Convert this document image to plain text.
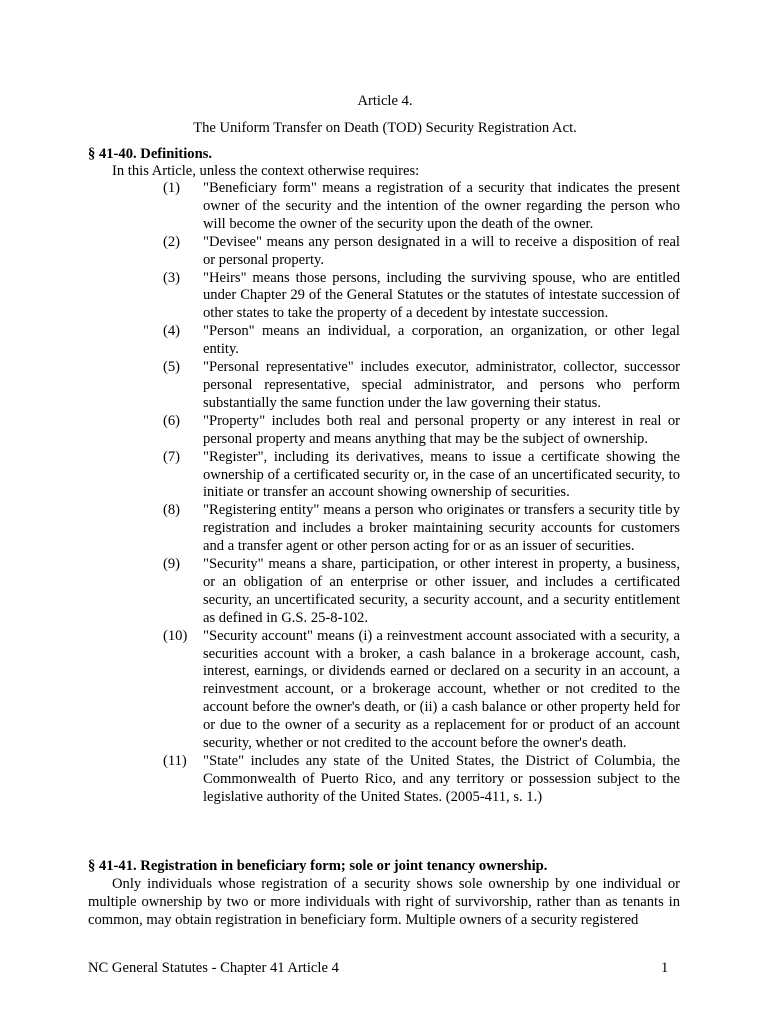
Article 4.
The Uniform Transfer on Death (TOD) Security Registration Act.
§ 41-40. Definitions.
In this Article, unless the context otherwise requires:
(1)	"Beneficiary form" means a registration of a security that indicates the present owner of the security and the intention of the owner regarding the person who will become the owner of the security upon the death of the owner.
(2)	"Devisee" means any person designated in a will to receive a disposition of real or personal property.
(3)	"Heirs" means those persons, including the surviving spouse, who are entitled under Chapter 29 of the General Statutes or the statutes of intestate succession of other states to take the property of a decedent by intestate succession.
(4)	"Person" means an individual, a corporation, an organization, or other legal entity.
(5)	"Personal representative" includes executor, administrator, collector, successor personal representative, special administrator, and persons who perform substantially the same function under the law governing their status.
(6)	"Property" includes both real and personal property or any interest in real or personal property and means anything that may be the subject of ownership.
(7)	"Register", including its derivatives, means to issue a certificate showing the ownership of a certificated security or, in the case of an uncertificated security, to initiate or transfer an account showing ownership of securities.
(8)	"Registering entity" means a person who originates or transfers a security title by registration and includes a broker maintaining security accounts for customers and a transfer agent or other person acting for or as an issuer of securities.
(9)	"Security" means a share, participation, or other interest in property, a business, or an obligation of an enterprise or other issuer, and includes a certificated security, an uncertificated security, a security account, and a security entitlement as defined in G.S. 25-8-102.
(10)	"Security account" means (i) a reinvestment account associated with a security, a securities account with a broker, a cash balance in a brokerage account, cash, interest, earnings, or dividends earned or declared on a security in an account, a reinvestment account, or a brokerage account, whether or not credited to the account before the owner's death, or (ii) a cash balance or other property held for or due to the owner of a security as a replacement for or product of an account security, whether or not credited to the account before the owner's death.
(11)	"State" includes any state of the United States, the District of Columbia, the Commonwealth of Puerto Rico, and any territory or possession subject to the legislative authority of the United States. (2005-411, s. 1.)
§ 41-41. Registration in beneficiary form; sole or joint tenancy ownership.
Only individuals whose registration of a security shows sole ownership by one individual or multiple ownership by two or more individuals with right of survivorship, rather than as tenants in common, may obtain registration in beneficiary form. Multiple owners of a security registered
NC General Statutes - Chapter 41 Article 4	1
